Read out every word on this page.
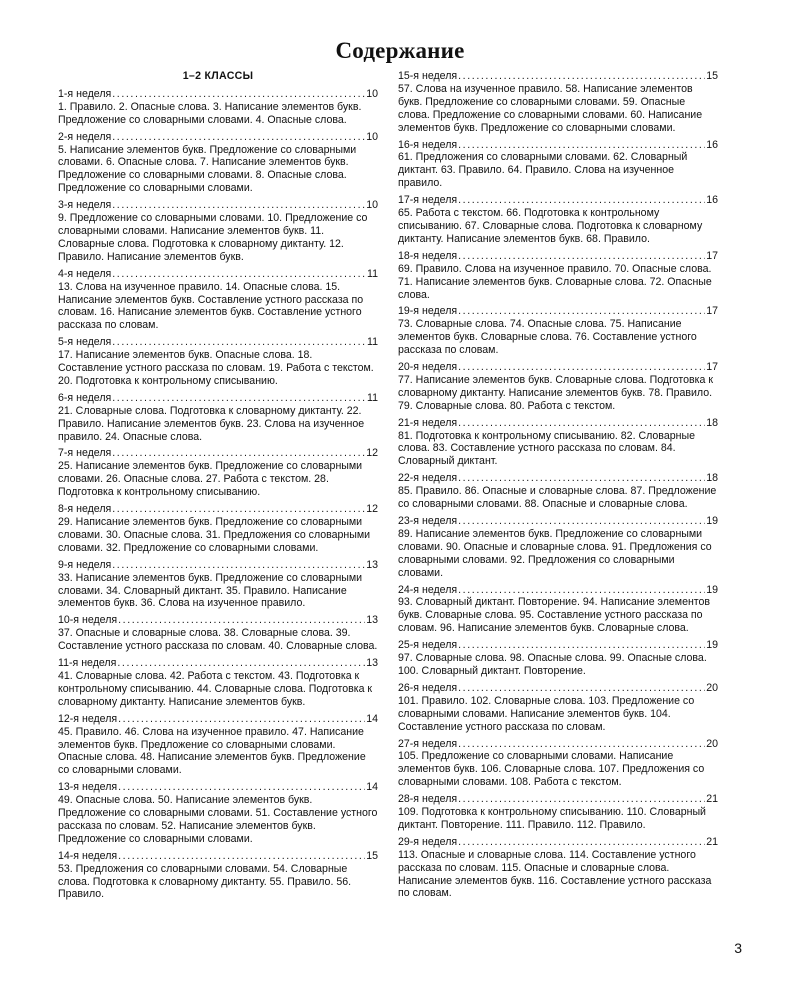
Содержание
1–2 КЛАССЫ
1-я неделя .....	10
1. Правило. 2. Опасные слова. 3. Написание элементов букв. Предложение со словарными словами. 4. Опасные слова.
2-я неделя .....	10
5. Написание элементов букв. Предложение со словарными словами. 6. Опасные слова. 7. Написание элементов букв. Предложение со словарными словами. 8. Опасные слова. Предложение со словарными словами.
3-я неделя .....	10
9. Предложение со словарными словами. 10. Предложение со словарными словами. Написание элементов букв. 11. Словарные слова. Подготовка к словарному диктанту. 12. Правило. Написание элементов букв.
4-я неделя .....	11
13. Слова на изученное правило. 14. Опасные слова. 15. Написание элементов букв. Составление устного рассказа по словам. 16. Написание элементов букв. Составление устного рассказа по словам.
5-я неделя .....	11
17. Написание элементов букв. Опасные слова. 18. Составление устного рассказа по словам. 19. Работа с текстом. 20. Подготовка к контрольному списыванию.
6-я неделя .....	11
21. Словарные слова. Подготовка к словарному диктанту. 22. Правило. Написание элементов букв. 23. Слова на изученное правило. 24. Опасные слова.
7-я неделя .....	12
25. Написание элементов букв. Предложение со словарными словами. 26. Опасные слова. 27. Работа с текстом. 28. Подготовка к контрольному списыванию.
8-я неделя .....	12
29. Написание элементов букв. Предложение со словарными словами. 30. Опасные слова. 31. Предложения со словарными словами. 32. Предложение со словарными словами.
9-я неделя .....	13
33. Написание элементов букв. Предложение со словарными словами. 34. Словарный диктант. 35. Правило. Написание элементов букв. 36. Слова на изученное правило.
10-я неделя .....	13
37. Опасные и словарные слова. 38. Словарные слова. 39. Составление устного рассказа по словам. 40. Словарные слова.
11-я неделя .....	13
41. Словарные слова. 42. Работа с текстом. 43. Подготовка к контрольному списыванию. 44. Словарные слова. Подготовка к словарному диктанту. Написание элементов букв.
12-я неделя .....	14
45. Правило. 46. Слова на изученное правило. 47. Написание элементов букв. Предложение со словарными словами. Опасные слова. 48. Написание элементов букв. Предложение со словарными словами.
13-я неделя .....	14
49. Опасные слова. 50. Написание элементов букв. Предложение со словарными словами. 51. Составление устного рассказа по словам. 52. Написание элементов букв. Предложение со словарными словами.
14-я неделя .....	15
53. Предложения со словарными словами. 54. Словарные слова. Подготовка к словарному диктанту. 55. Правило. 56. Правило.
15-я неделя .....	15
57. Слова на изученное правило. 58. Написание элементов букв. Предложение со словарными словами. 59. Опасные слова. Предложение со словарными словами. 60. Написание элементов букв. Предложение со словарными словами.
16-я неделя .....	16
61. Предложения со словарными словами. 62. Словарный диктант. 63. Правило. 64. Правило. Слова на изученное правило.
17-я неделя .....	16
65. Работа с текстом. 66. Подготовка к контрольному списыванию. 67. Словарные слова. Подготовка к словарному диктанту. Написание элементов букв. 68. Правило.
18-я неделя .....	17
69. Правило. Слова на изученное правило. 70. Опасные слова. 71. Написание элементов букв. Словарные слова. 72. Опасные слова.
19-я неделя .....	17
73. Словарные слова. 74. Опасные слова. 75. Написание элементов букв. Словарные слова. 76. Составление устного рассказа по словам.
20-я неделя .....	17
77. Написание элементов букв. Словарные слова. Подготовка к словарному диктанту. Написание элементов букв. 78. Правило. 79. Словарные слова. 80. Работа с текстом.
21-я неделя .....	18
81. Подготовка к контрольному списыванию. 82. Словарные слова. 83. Составление устного рассказа по словам. 84. Словарный диктант.
22-я неделя .....	18
85. Правило. 86. Опасные и словарные слова. 87. Предложение со словарными словами. 88. Опасные и словарные слова.
23-я неделя .....	19
89. Написание элементов букв. Предложение со словарными словами. 90. Опасные и словарные слова. 91. Предложения со словарными словами. 92. Предложения со словарными словами.
24-я неделя .....	19
93. Словарный диктант. Повторение. 94. Написание элементов букв. Словарные слова. 95. Составление устного рассказа по словам. 96. Написание элементов букв. Словарные слова.
25-я неделя .....	19
97. Словарные слова. 98. Опасные слова. 99. Опасные слова. 100. Словарный диктант. Повторение.
26-я неделя .....	20
101. Правило. 102. Словарные слова. 103. Предложение со словарными словами. Написание элементов букв. 104. Составление устного рассказа по словам.
27-я неделя .....	20
105. Предложение со словарными словами. Написание элементов букв. 106. Словарные слова. 107. Предложения со словарными словами. 108. Работа с текстом.
28-я неделя .....	21
109. Подготовка к контрольному списыванию. 110. Словарный диктант. Повторение. 111. Правило. 112. Правило.
29-я неделя .....	21
113. Опасные и словарные слова. 114. Составление устного рассказа по словам. 115. Опасные и словарные слова. Написание элементов букв. 116. Составление устного рассказа по словам.
3
